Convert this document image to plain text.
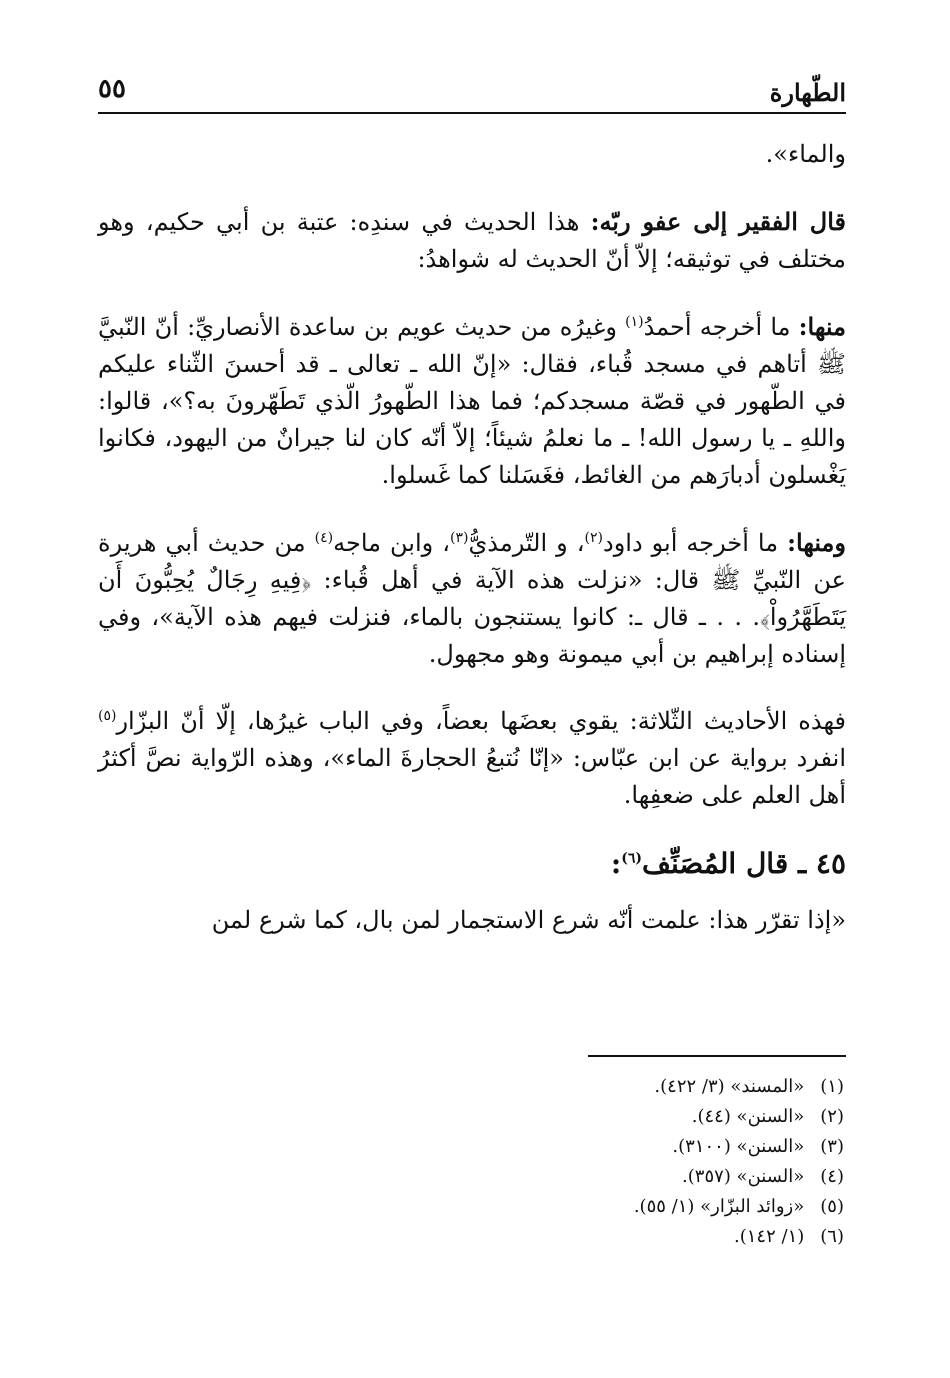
٥٥	الطّهارة

والماء».

قال الفقير إلى عفو ربّه: هذا الحديث في سندِه: عتبة بن أبي حكيم، وهو مختلف في توثيقه؛ إلاّ أنّ الحديث له شواهدُ:

منها: ما أخرجه أحمدُ$^{(١)}$ وغيرُه من حديث عويم بن ساعدة الأنصاريِّ: أنّ النّبيَّ ﷺ أتاهم في مسجد قُباء، فقال: «إنّ الله ـ تعالى ـ قد أحسنَ الثّناء عليكم في الطّهور في قصّة مسجدكم؛ فما هذا الطّهورُ الّذي تَطَهّرونَ به؟»، قالوا: واللهِ ـ يا رسول الله! ـ ما نعلمُ شيئاً؛ إلاّ أنّه كان لنا جيرانٌ من اليهود، فكانوا يَغْسلون أدبارَهم من الغائط، فغَسَلنا كما غَسلوا.

ومنها: ما أخرجه أبو داود$^{(٢)}$، و التّرمذيُّ$^{(٣)}$، وابن ماجه$^{(٤)}$ من حديث أبي هريرة عن النّبيِّ ﷺ قال: «نزلت هذه الآية في أهل قُباء: ﴿فِيهِ رِجَالٌ يُحِبُّونَ أَن يَتَطَهَّرُواْ﴾. . . ـ قال ـ: كانوا يستنجون بالماء، فنزلت فيهم هذه الآية»، وفي إسناده إبراهيم بن أبي ميمونة وهو مجهول.

فهذه الأحاديث الثّلاثة: يقوي بعضَها بعضاً، وفي الباب غيرُها، إلّا أنّ البزّار$^{(٥)}$ انفرد برواية عن ابن عبّاس: «إنّا نُتبعُ الحجارةَ الماء»، وهذه الرّواية نصَّ أكثرُ أهل العلم على ضعفِها.

٤٥ ـ قال المُصَنِّف$^{(٦)}$:

«إذا تقرّر هذا: علمت أنّه شرع الاستجمار لمن بال، كما شرع لمن

(١) «المسند» (٣/ ٤٢٢).
(٢) «السنن» (٤٤).
(٣) «السنن» (٣١٠٠).
(٤) «السنن» (٣٥٧).
(٥) «زوائد البزّار» (١/ ٥٥).
(٦) (١/ ١٤٢).
